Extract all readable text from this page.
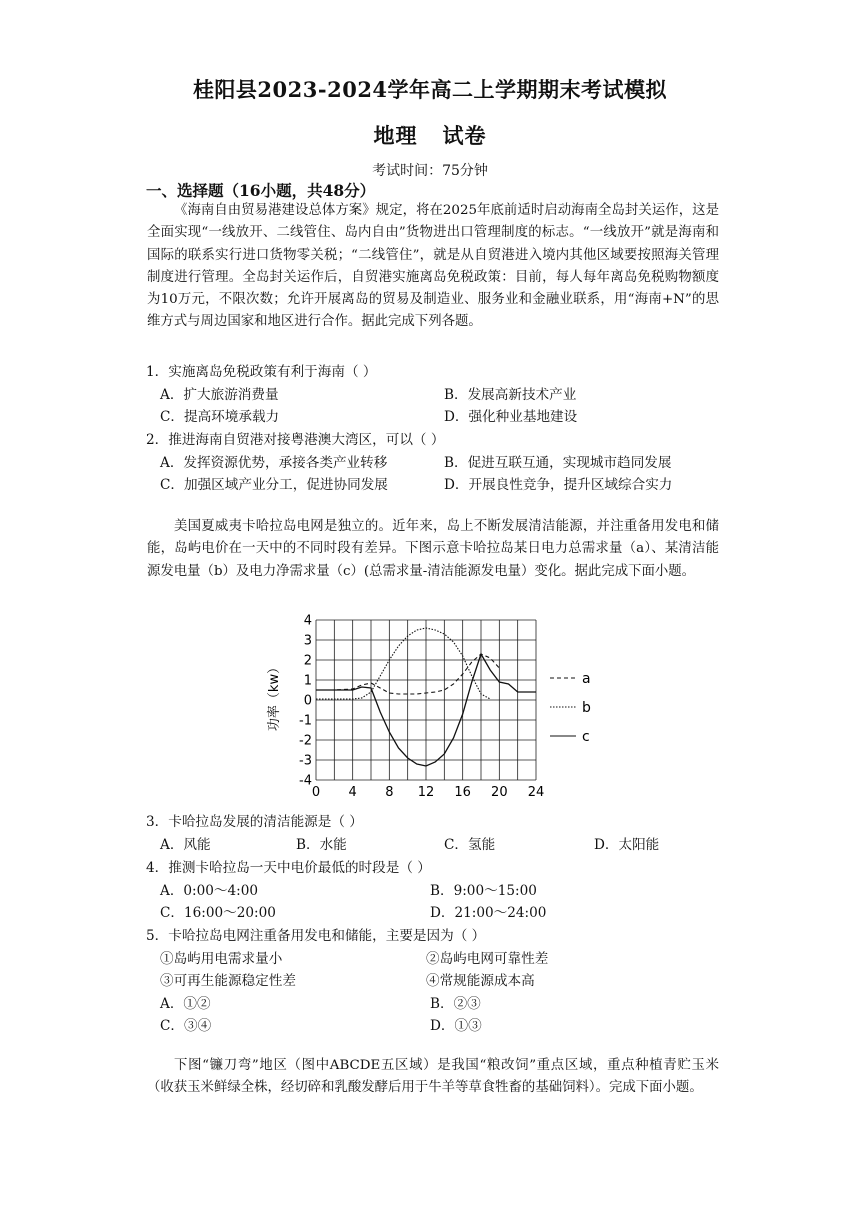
桂阳县2023-2024学年高二上学期期末考试模拟
地理   试卷
考试时间：75分钟
一、选择题（16小题，共48分）

《海南自由贸易港建设总体方案》规定，将在2025年底前适时启动海南全岛封关运作，这是全面实现“一线放开、二线管住、岛内自由”货物进出口管理制度的标志。“一线放开”就是海南和国际的联系实行进口货物零关税；“二线管住”，就是从自贸港进入境内其他区域要按照海关管理制度进行管理。全岛封关运作后，自贸港实施离岛免税政策：目前，每人每年离岛免税购物额度为10万元，不限次数；允许开展离岛的贸易及制造业、服务业和金融业联系，用“海南+N”的思维方式与周边国家和地区进行合作。据此完成下列各题。

1．实施离岛免税政策有利于海南（ ）
A．扩大旅游消费量	B．发展高新技术产业
C．提高环境承载力	D．强化种业基地建设
2．推进海南自贸港对接粤港澳大湾区，可以（ ）
A．发挥资源优势，承接各类产业转移	B．促进互联互通，实现城市趋同发展
C．加强区域产业分工，促进协同发展	D．开展良性竞争，提升区域综合实力

美国夏威夷卡哈拉岛电网是独立的。近年来，岛上不断发展清洁能源，并注重备用发电和储能，岛屿电价在一天中的不同时段有差异。下图示意卡哈拉岛某日电力总需求量（a）、某清洁能源发电量（b）及电力净需求量（c）(总需求量-清洁能源发电量）变化。据此完成下面小题。

0 4 8 12 16 20 24
4
3
2
1
0
-1
-2
-3
-4
功率（kw）	a
b
c
3．卡哈拉岛发展的清洁能源是（ ）
A．风能	B．水能	C．氢能	D．太阳能
4．推测卡哈拉岛一天中电价最低的时段是（ ）
A．0:00～4:00	B．9:00～15:00
C．16:00～20:00	D．21:00～24:00
5．卡哈拉岛电网注重备用发电和储能，主要是因为（ ）
①岛屿用电需求量小	②岛屿电网可靠性差
③可再生能源稳定性差	④常规能源成本高
A．①②	B．②③
C．③④	D．①③

下图“镰刀弯”地区（图中ABCDE五区域）是我国“粮改饲”重点区域，重点种植青贮玉米（收获玉米鲜绿全株，经切碎和乳酸发酵后用于牛羊等草食牲畜的基础饲料）。完成下面小题。
